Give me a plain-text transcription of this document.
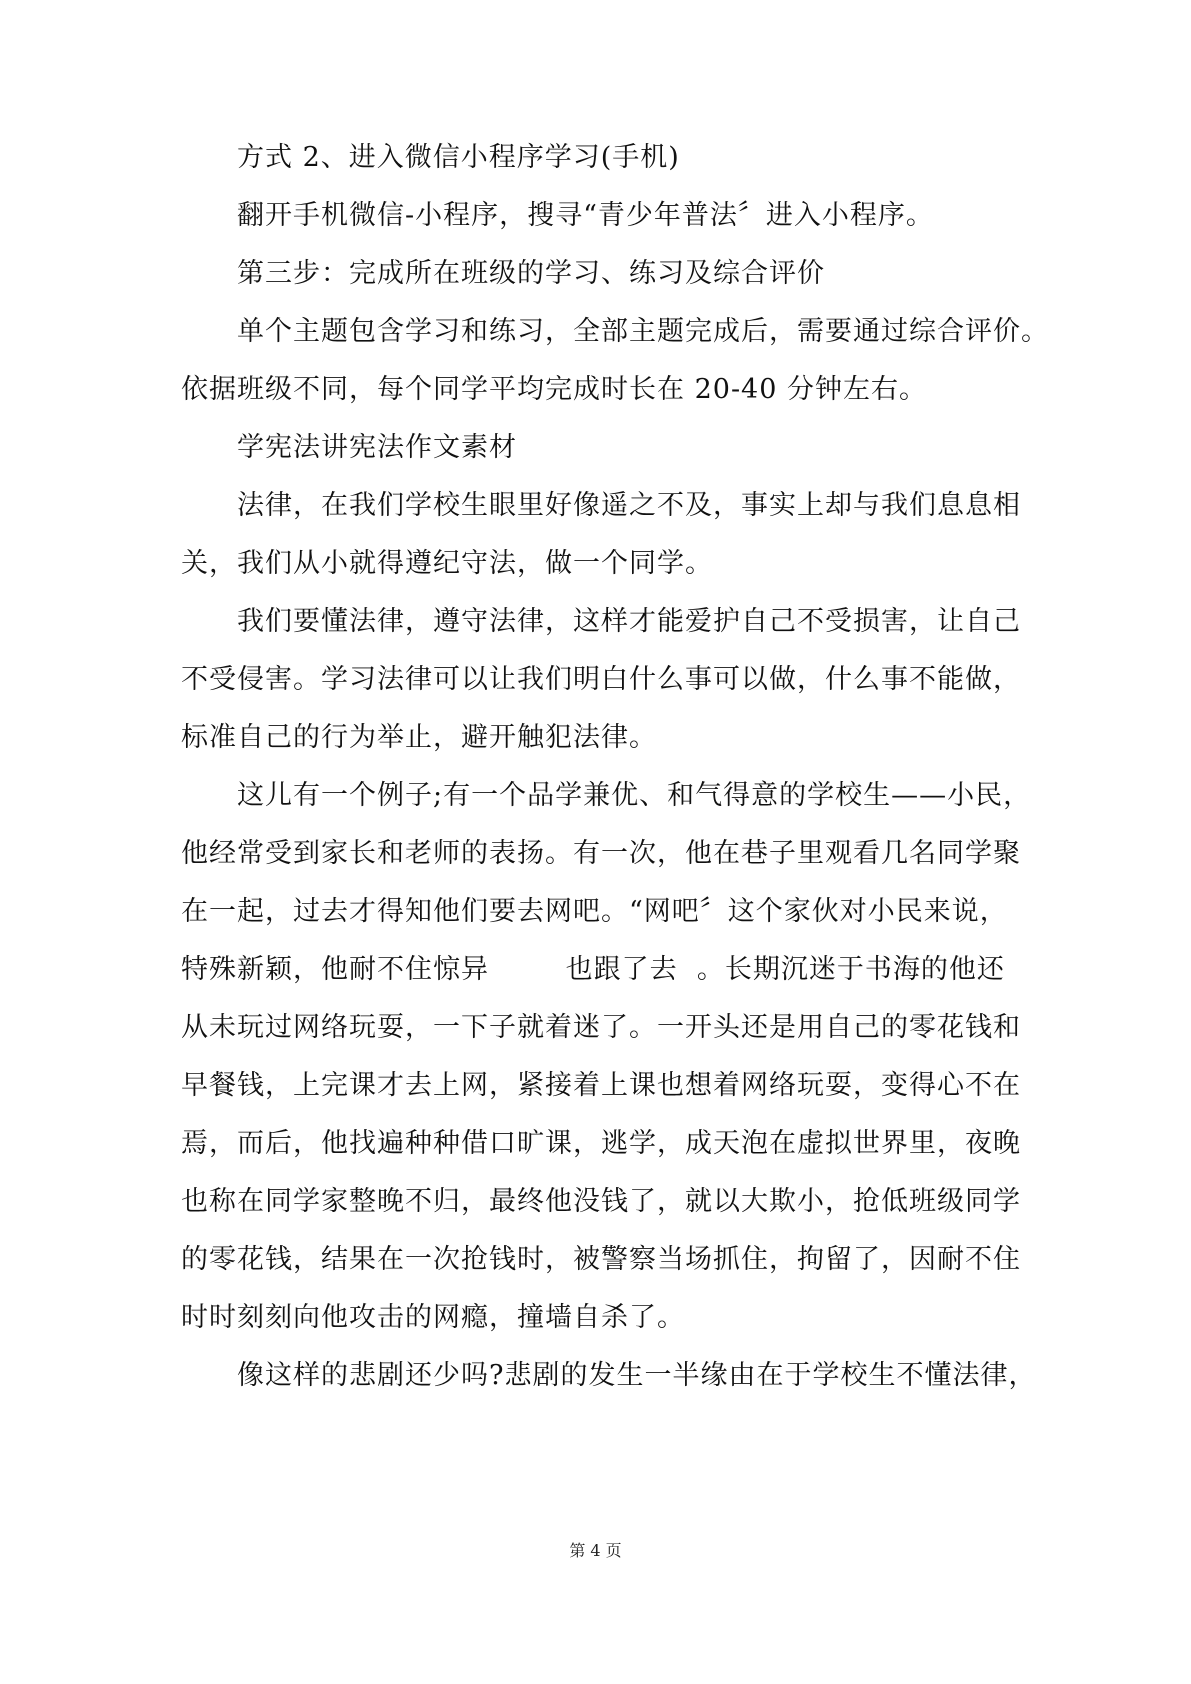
方式 2、进入微信小程序学习(手机)
翻开手机微信-小程序，搜寻“青少年普法〞进入小程序。
第三步：完成所在班级的学习、练习及综合评价
单个主题包含学习和练习，全部主题完成后，需要通过综合评价。
依据班级不同，每个同学平均完成时长在 20-40 分钟左右。
学宪法讲宪法作文素材
法律，在我们学校生眼里好像遥之不及，事实上却与我们息息相
关，我们从小就得遵纪守法，做一个同学。
我们要懂法律，遵守法律，这样才能爱护自己不受损害，让自己
不受侵害。学习法律可以让我们明白什么事可以做，什么事不能做，
标准自己的行为举止，避开触犯法律。
这儿有一个例子;有一个品学兼优、和气得意的学校生——小民，
他经常受到家长和老师的表扬。有一次，他在巷子里观看几名同学聚
在一起，过去才得知他们要去网吧。“网吧〞这个家伙对小民来说，
特殊新颖，他耐不住惊异        也跟了去  。长期沉迷于书海的他还
从未玩过网络玩耍，一下子就着迷了。一开头还是用自己的零花钱和
早餐钱，上完课才去上网，紧接着上课也想着网络玩耍，变得心不在
焉，而后，他找遍种种借口旷课，逃学，成天泡在虚拟世界里，夜晚
也称在同学家整晚不归，最终他没钱了，就以大欺小，抢低班级同学
的零花钱，结果在一次抢钱时，被警察当场抓住，拘留了，因耐不住
时时刻刻向他攻击的网瘾，撞墙自杀了。
像这样的悲剧还少吗?悲剧的发生一半缘由在于学校生不懂法律，
第 4 页
